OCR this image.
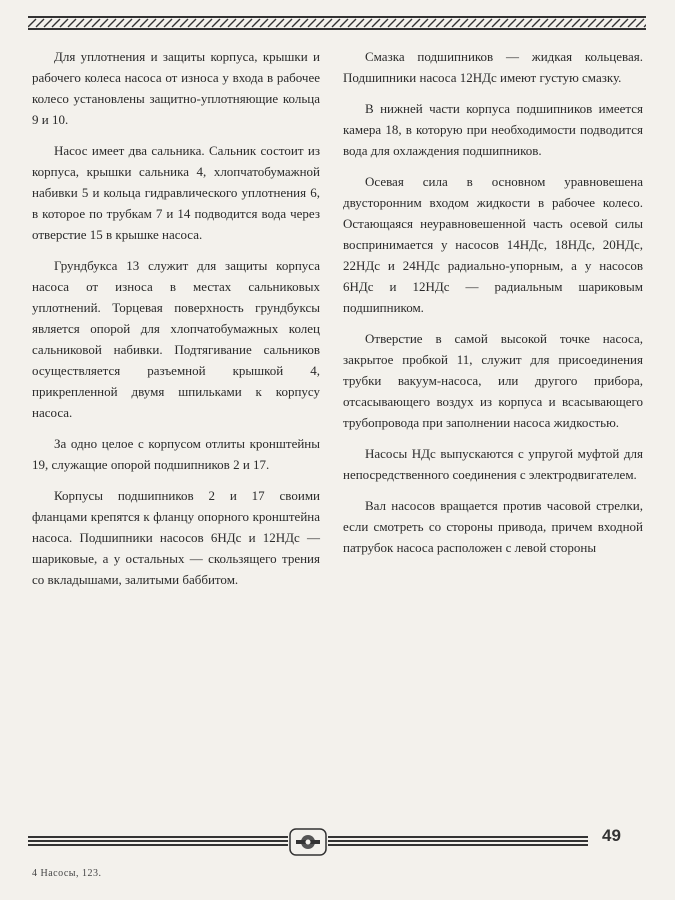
Для уплотнения и защиты корпуса, крышки и рабочего колеса насоса от износа у входа в рабочее колесо установлены защитно-уплотняющие кольца 9 и 10.

Насос имеет два сальника. Сальник состоит из корпуса, крышки сальника 4, хлопчатобумажной набивки 5 и кольца гидравлического уплотнения 6, в которое по трубкам 7 и 14 подводится вода через отверстие 15 в крышке насоса.

Грундбукса 13 служит для защиты корпуса насоса от износа в местах сальниковых уплотнений. Торцевая поверхность грундбуксы является опорой для хлопчатобумажных колец сальниковой набивки. Подтягивание сальников осуществляется разъемной крышкой 4, прикрепленной двумя шпильками к корпусу насоса.

За одно целое с корпусом отлиты кронштейны 19, служащие опорой подшипников 2 и 17.

Корпусы подшипников 2 и 17 своими фланцами крепятся к фланцу опорного кронштейна насоса. Подшипники насосов 6НДс и 12НДс — шариковые, а у остальных — скользящего трения со вкладышами, залитыми баббитом.

Смазка подшипников — жидкая кольцевая. Подшипники насоса 12НДс имеют густую смазку.

В нижней части корпуса подшипников имеется камера 18, в которую при необходимости подводится вода для охлаждения подшипников.

Осевая сила в основном уравновешена двусторонним входом жидкости в рабочее колесо. Остающаяся неуравновешенной часть осевой силы воспринимается у насосов 14НДс, 18НДс, 20НДс, 22НДс и 24НДс радиально-упорным, а у насосов 6НДс и 12НДс — радиальным шариковым подшипником.

Отверстие в самой высокой точке насоса, закрытое пробкой 11, служит для присоединения трубки вакуум-насоса, или другого прибора, отсасывающего воздух из корпуса и всасывающего трубопровода при заполнении насоса жидкостью.

Насосы НДс выпускаются с упругой муфтой для непосредственного соединения с электродвигателем.

Вал насосов вращается против часовой стрелки, если смотреть со стороны привода, причем входной патрубок насоса расположен с левой стороны

49
4 Насосы, 123.
